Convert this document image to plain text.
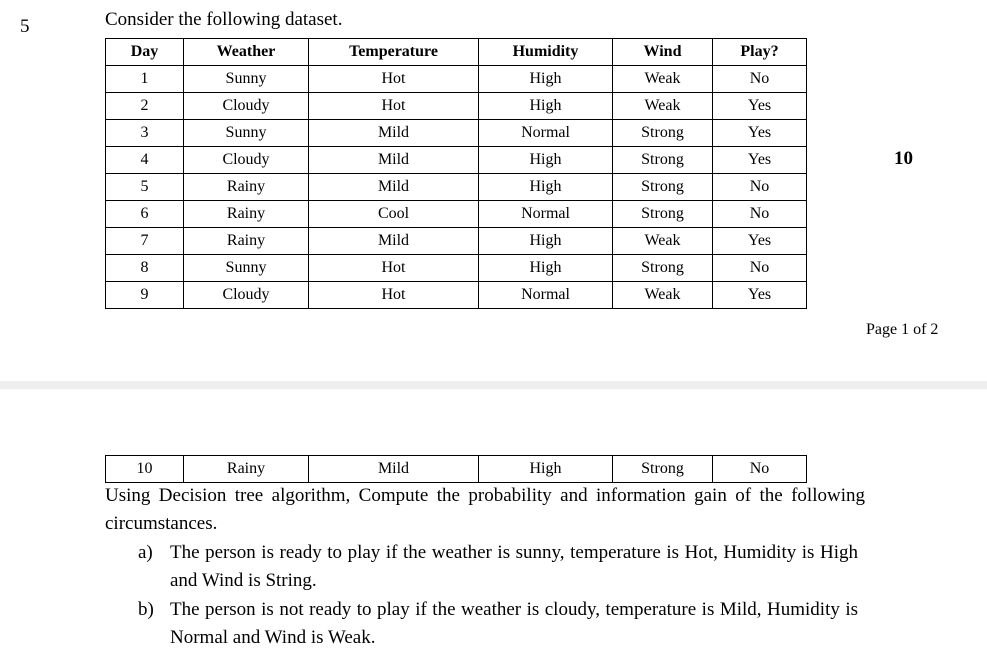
5	Consider the following dataset.
Day	Weather	Temperature	Humidity	Wind	Play?
1	Sunny	Hot	High	Weak	No
2	Cloudy	Hot	High	Weak	Yes
3	Sunny	Mild	Normal	Strong	Yes
4	Cloudy	Mild	High	Strong	Yes
5	Rainy	Mild	High	Strong	No
6	Rainy	Cool	Normal	Strong	No
7	Rainy	Mild	High	Weak	Yes
8	Sunny	Hot	High	Strong	No
9	Cloudy	Hot	Normal	Weak	Yes
10
Page 1 of 2
10	Rainy	Mild	High	Strong	No
Using Decision tree algorithm, Compute the probability and information gain of the following circumstances.
a) The person is ready to play if the weather is sunny, temperature is Hot, Humidity is High and Wind is String.
b) The person is not ready to play if the weather is cloudy, temperature is Mild, Humidity is Normal and Wind is Weak.
